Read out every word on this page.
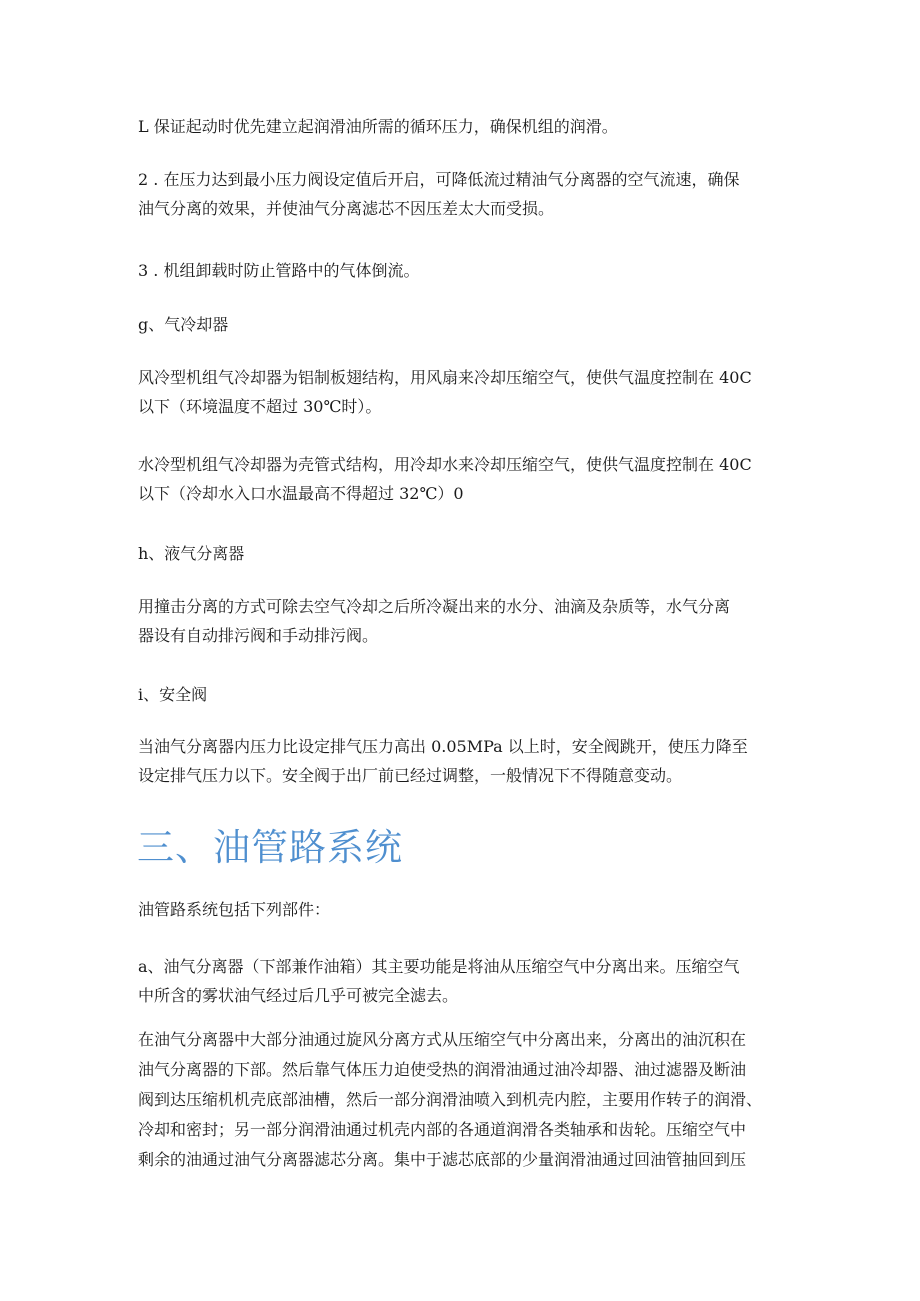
L 保证起动时优先建立起润滑油所需的循环压力，确保机组的润滑。

2 . 在压力达到最小压力阀设定值后开启，可降低流过精油气分离器的空气流速，确保
油气分离的效果，并使油气分离滤芯不因压差太大而受损。

3 . 机组卸载时防止管路中的气体倒流。

g、气冷却器

风冷型机组气冷却器为铝制板翅结构，用风扇来冷却压缩空气，使供气温度控制在 40C
以下（环境温度不超过 30℃时）。

水冷型机组气冷却器为壳管式结构，用冷却水来冷却压缩空气，使供气温度控制在 40C
以下（冷却水入口水温最高不得超过 32℃）0

h、液气分离器

用撞击分离的方式可除去空气冷却之后所冷凝出来的水分、油滴及杂质等，水气分离
器设有自动排污阀和手动排污阀。

i、安全阀

当油气分离器内压力比设定排气压力高出 0.05MPa 以上时，安全阀跳开，使压力降至
设定排气压力以下。安全阀于出厂前已经过调整，一般情况下不得随意变动。

三、油管路系统

油管路系统包括下列部件：

a、油气分离器（下部兼作油箱）其主要功能是将油从压缩空气中分离出来。压缩空气
中所含的雾状油气经过后几乎可被完全滤去。

在油气分离器中大部分油通过旋风分离方式从压缩空气中分离出来，分离出的油沉积在
油气分离器的下部。然后靠气体压力迫使受热的润滑油通过油冷却器、油过滤器及断油
阀到达压缩机机壳底部油槽，然后一部分润滑油喷入到机壳内腔，主要用作转子的润滑、
冷却和密封；另一部分润滑油通过机壳内部的各通道润滑各类轴承和齿轮。压缩空气中
剩余的油通过油气分离器滤芯分离。集中于滤芯底部的少量润滑油通过回油管抽回到压
